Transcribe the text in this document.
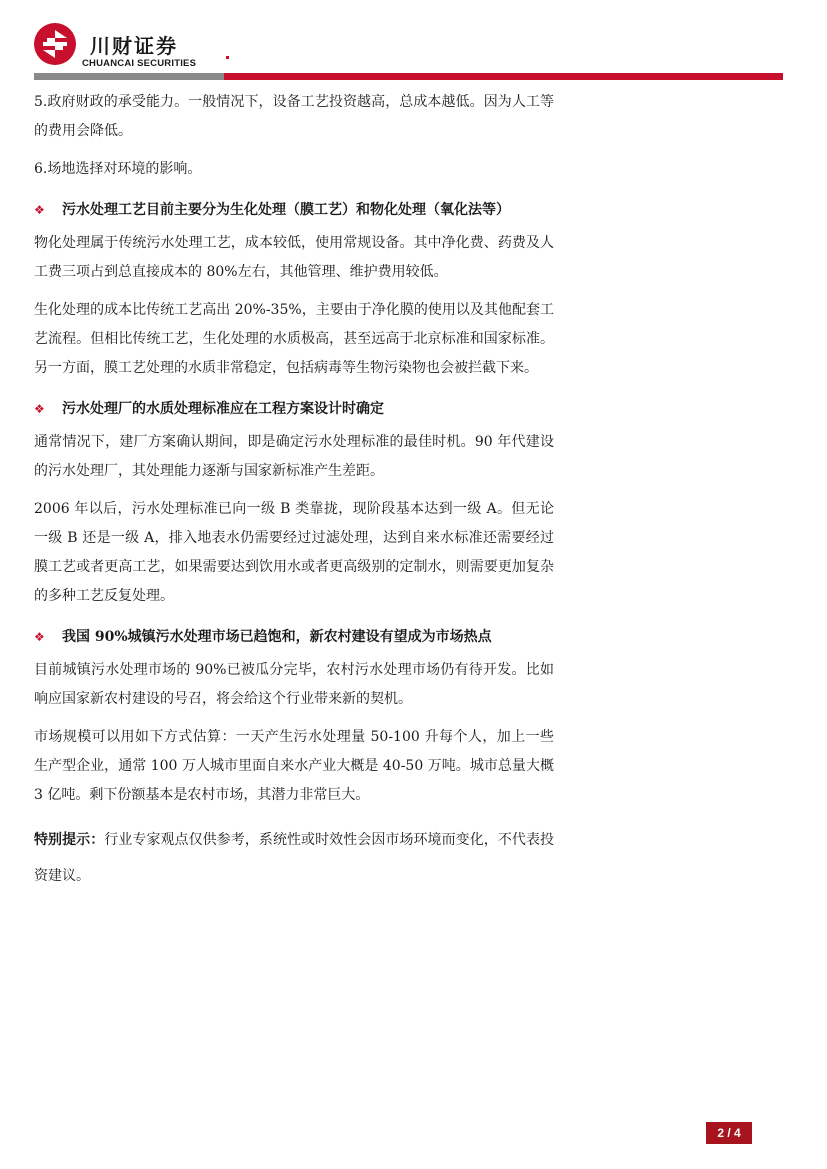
川财证券
CHUANCAI SECURITIES

5.政府财政的承受能力。一般情况下，设备工艺投资越高，总成本越低。因为人工等的费用会降低。

6.场地选择对环境的影响。

❖	污水处理工艺目前主要分为生化处理（膜工艺）和物化处理（氧化法等）

物化处理属于传统污水处理工艺，成本较低，使用常规设备。其中净化费、药费及人工费三项占到总直接成本的 80%左右，其他管理、维护费用较低。

生化处理的成本比传统工艺高出 20%-35%，主要由于净化膜的使用以及其他配套工艺流程。但相比传统工艺，生化处理的水质极高，甚至远高于北京标准和国家标准。另一方面，膜工艺处理的水质非常稳定，包括病毒等生物污染物也会被拦截下来。

❖	污水处理厂的水质处理标准应在工程方案设计时确定

通常情况下，建厂方案确认期间，即是确定污水处理标准的最佳时机。90 年代建设的污水处理厂，其处理能力逐渐与国家新标准产生差距。

2006 年以后，污水处理标准已向一级 B 类靠拢，现阶段基本达到一级 A。但无论一级 B 还是一级 A，排入地表水仍需要经过过滤处理，达到自来水标准还需要经过膜工艺或者更高工艺，如果需要达到饮用水或者更高级别的定制水，则需要更加复杂的多种工艺反复处理。

❖	我国 90%城镇污水处理市场已趋饱和，新农村建设有望成为市场热点

目前城镇污水处理市场的 90%已被瓜分完毕，农村污水处理市场仍有待开发。比如响应国家新农村建设的号召，将会给这个行业带来新的契机。

市场规模可以用如下方式估算：一天产生污水处理量 50-100 升每个人，加上一些生产型企业，通常 100 万人城市里面自来水产业大概是 40-50 万吨。城市总量大概 3 亿吨。剩下份额基本是农村市场，其潜力非常巨大。

特别提示：行业专家观点仅供参考，系统性或时效性会因市场环境而变化，不代表投资建议。

2 / 4
